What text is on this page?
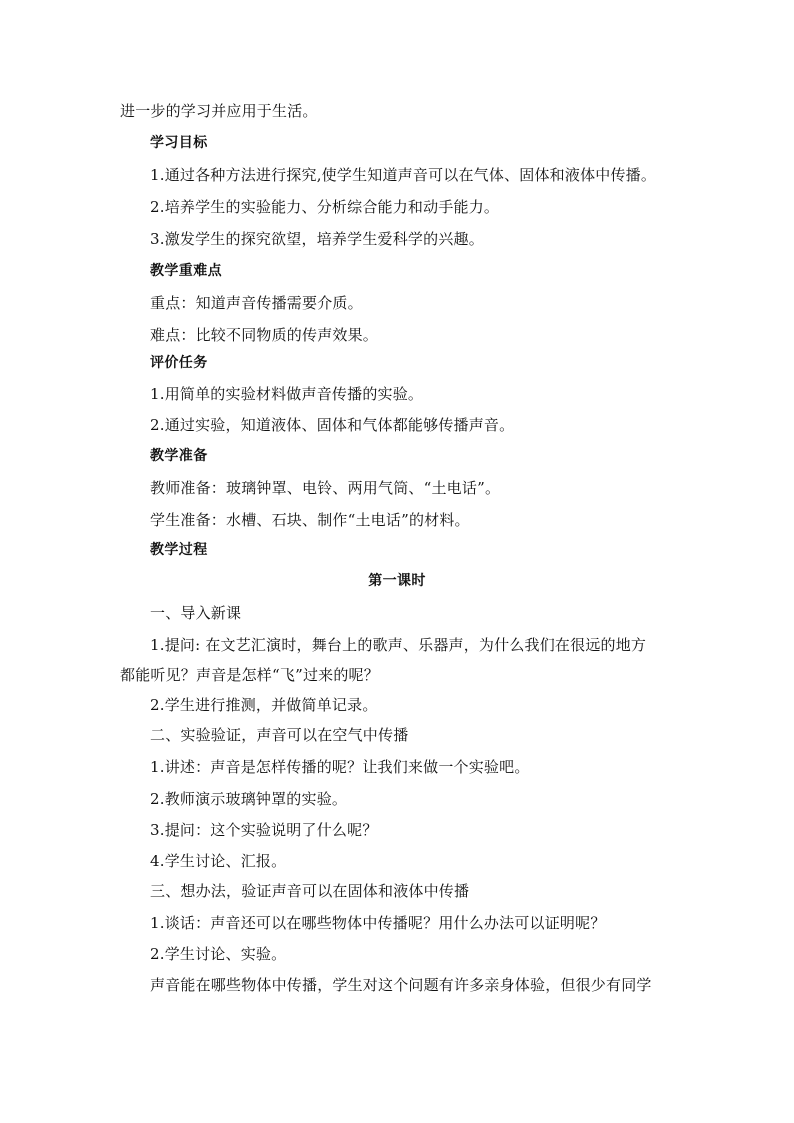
进一步的学习并应用于生活。
学习目标
1.通过各种方法进行探究,使学生知道声音可以在气体、固体和液体中传播。
2.培养学生的实验能力、分析综合能力和动手能力。
3.激发学生的探究欲望，培养学生爱科学的兴趣。
教学重难点
重点：知道声音传播需要介质。
难点：比较不同物质的传声效果。
评价任务
1.用简单的实验材料做声音传播的实验。
2.通过实验，知道液体、固体和气体都能够传播声音。
教学准备
教师准备：玻璃钟罩、电铃、两用气筒、“土电话”。
学生准备：水槽、石块、制作“土电话”的材料。
教学过程
第一课时
一、导入新课
1.提问: 在文艺汇演时，舞台上的歌声、乐器声，为什么我们在很远的地方
都能听见？声音是怎样“飞”过来的呢？
2.学生进行推测，并做简单记录。
二、实验验证，声音可以在空气中传播
1.讲述：声音是怎样传播的呢？让我们来做一个实验吧。
2.教师演示玻璃钟罩的实验。
3.提问：这个实验说明了什么呢？
4.学生讨论、汇报。
三、想办法，验证声音可以在固体和液体中传播
1.谈话：声音还可以在哪些物体中传播呢？用什么办法可以证明呢？
2.学生讨论、实验。
声音能在哪些物体中传播，学生对这个问题有许多亲身体验，但很少有同学
